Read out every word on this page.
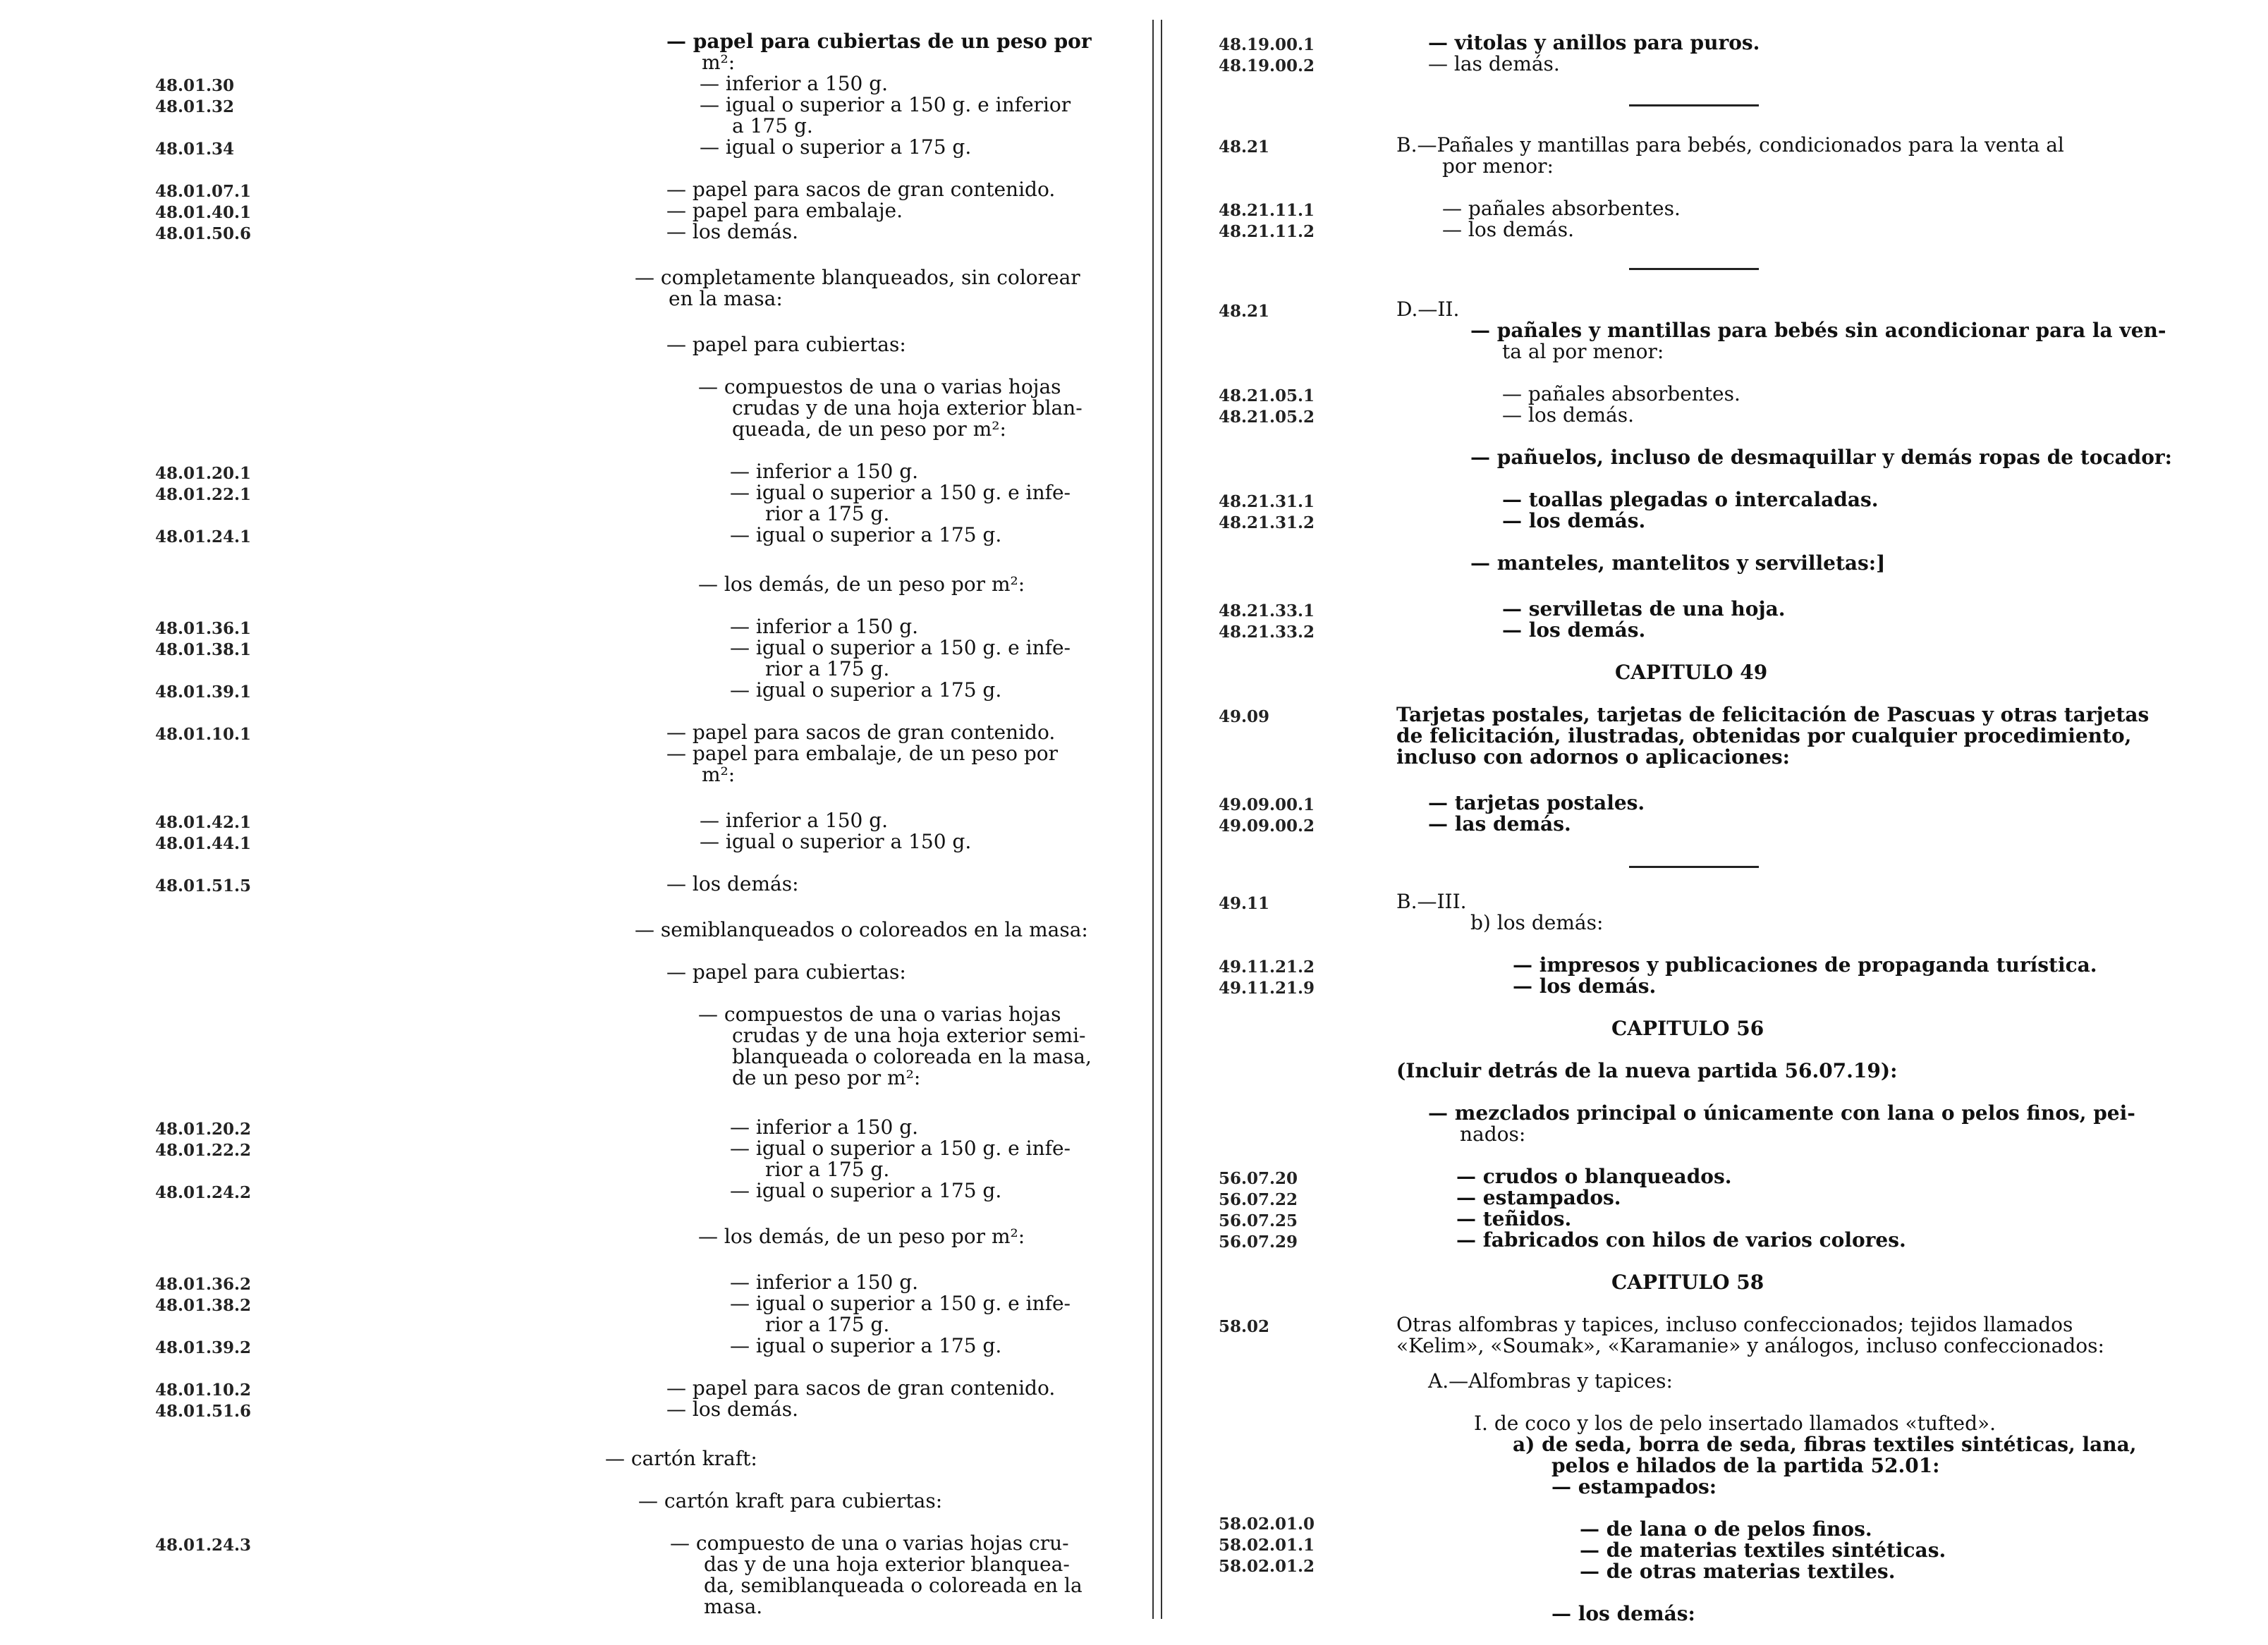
48.01.30
48.01.32
48.01.34
48.01.07.1
48.01.40.1
48.01.50.6
48.01.20.1
48.01.22.1
48.01.24.1
48.01.36.1
48.01.38.1
48.01.39.1
48.01.10.1
48.01.42.1
48.01.44.1
48.01.51.5
48.01.20.2
48.01.22.2
48.01.24.2
48.01.36.2
48.01.38.2
48.01.39.2
48.01.10.2
48.01.51.6
48.01.24.3
— papel para cubiertas de un peso por
m²:
— inferior a 150 g.
— igual o superior a 150 g. e inferior
a 175 g.
— igual o superior a 175 g.
— papel para sacos de gran contenido.
— papel para embalaje.
— los demás.
— completamente blanqueados, sin colorear
en la masa:
— papel para cubiertas:
— compuestos de una o varias hojas
crudas y de una hoja exterior blan-
queada, de un peso por m²:
— inferior a 150 g.
— igual o superior a 150 g. e infe-
rior a 175 g.
— igual o superior a 175 g.
— los demás, de un peso por m²:
— inferior a 150 g.
— igual o superior a 150 g. e infe-
rior a 175 g.
— igual o superior a 175 g.
— papel para sacos de gran contenido.
— papel para embalaje, de un peso por
m²:
— inferior a 150 g.
— igual o superior a 150 g.
— los demás:
— semiblanqueados o coloreados en la masa:
— papel para cubiertas:
— compuestos de una o varias hojas
crudas y de una hoja exterior semi-
blanqueada o coloreada en la masa,
de un peso por m²:
— inferior a 150 g.
— igual o superior a 150 g. e infe-
rior a 175 g.
— igual o superior a 175 g.
— los demás, de un peso por m²:
— inferior a 150 g.
— igual o superior a 150 g. e infe-
rior a 175 g.
— igual o superior a 175 g.
— papel para sacos de gran contenido.
— los demás.
— cartón kraft:
— cartón kraft para cubiertas:
— compuesto de una o varias hojas cru-
das y de una hoja exterior blanquea-
da, semiblanqueada o coloreada en la
masa.
48.19.00.1
48.19.00.2
48.21
48.21.11.1
48.21.11.2
48.21
48.21.05.1
48.21.05.2
48.21.31.1
48.21.31.2
48.21.33.1
48.21.33.2
49.09
49.09.00.1
49.09.00.2
49.11
49.11.21.2
49.11.21.9
56.07.20
56.07.22
56.07.25
56.07.29
58.02
58.02.01.0
58.02.01.1
58.02.01.2
— vitolas y anillos para puros.
— las demás.
B.—Pañales y mantillas para bebés, condicionados para la venta al
por menor:
— pañales absorbentes.
— los demás.
D.—II.
— pañales y mantillas para bebés sin acondicionar para la ven-
ta al por menor:
— pañales absorbentes.
— los demás.
— pañuelos, incluso de desmaquillar y demás ropas de tocador:
— toallas plegadas o intercaladas.
— los demás.
— manteles, mantelitos y servilletas:]
— servilletas de una hoja.
— los demás.
CAPITULO 49
Tarjetas postales, tarjetas de felicitación de Pascuas y otras tarjetas
de felicitación, ilustradas, obtenidas por cualquier procedimiento,
incluso con adornos o aplicaciones:
— tarjetas postales.
— las demás.
B.—III.
b) los demás:
— impresos y publicaciones de propaganda turística.
— los demás.
CAPITULO 56
(Incluir detrás de la nueva partida 56.07.19):
— mezclados principal o únicamente con lana o pelos finos, pei-
nados:
— crudos o blanqueados.
— estampados.
— teñidos.
— fabricados con hilos de varios colores.
CAPITULO 58
Otras alfombras y tapices, incluso confeccionados; tejidos llamados
«Kelim», «Soumak», «Karamanie» y análogos, incluso confeccionados:
A.—Alfombras y tapices:
I. de coco y los de pelo insertado llamados «tufted».
a) de seda, borra de seda, fibras textiles sintéticas, lana,
pelos e hilados de la partida 52.01:
— estampados:
— de lana o de pelos finos.
— de materias textiles sintéticas.
— de otras materias textiles.
— los demás:
